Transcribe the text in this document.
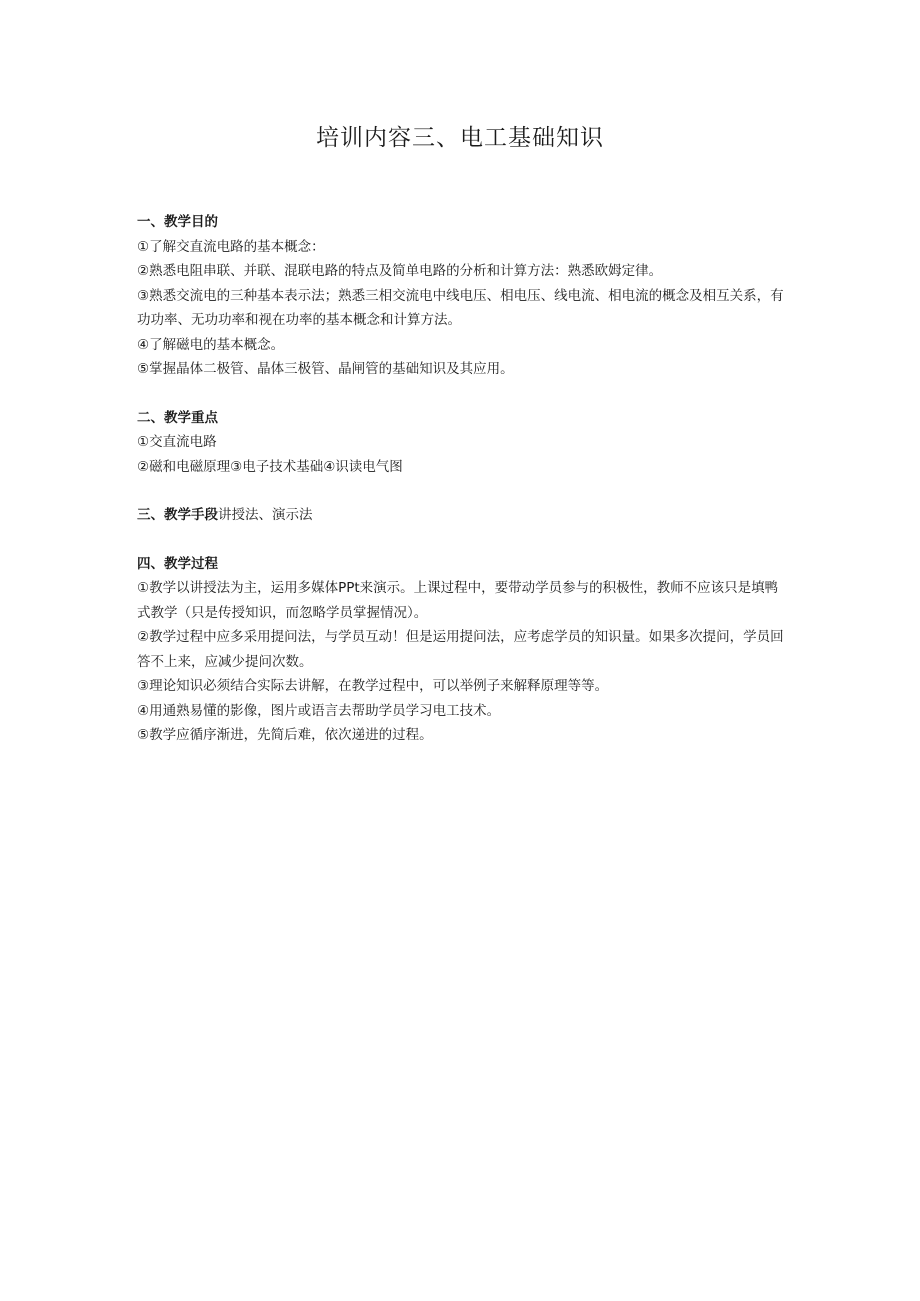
培训内容三、电工基础知识

一、教学目的

①了解交直流电路的基本概念：

②熟悉电阻串联、并联、混联电路的特点及简单电路的分析和计算方法：熟悉欧姆定律。

③熟悉交流电的三种基本表示法；熟悉三相交流电中线电压、相电压、线电流、相电流的概念及相互关系，有功功率、无功功率和视在功率的基本概念和计算方法。

④了解磁电的基本概念。

⑤掌握晶体二极管、晶体三极管、晶闸管的基础知识及其应用。

二、教学重点

①交直流电路

②磁和电磁原理③电子技术基础④识读电气图

三、教学手段讲授法、演示法

四、教学过程

①教学以讲授法为主，运用多媒体PPt来演示。上课过程中，要带动学员参与的积极性，教师不应该只是填鸭式教学（只是传授知识，而忽略学员掌握情况）。

②教学过程中应多采用提问法，与学员互动！但是运用提问法，应考虑学员的知识量。如果多次提问，学员回答不上来，应减少提问次数。

③理论知识必须结合实际去讲解，在教学过程中，可以举例子来解释原理等等。

④用通熟易懂的影像，图片或语言去帮助学员学习电工技术。

⑤教学应循序渐进，先简后难，依次递进的过程。
